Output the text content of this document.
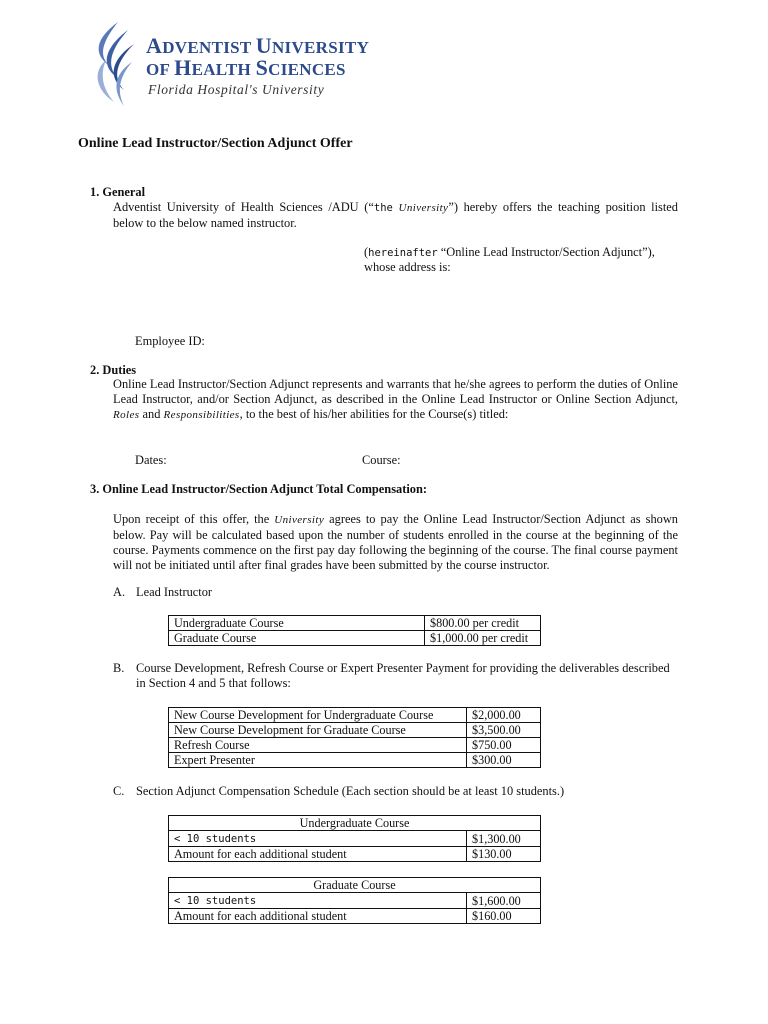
ADVENTIST UNIVERSITY
OF HEALTH SCIENCES
Florida Hospital's University
Online Lead Instructor/Section Adjunct Offer
1. General
Adventist University of Health Sciences /ADU (“the University”) hereby offers the teaching position listed below to the below named instructor.
(hereinafter “Online Lead Instructor/Section Adjunct”),
whose address is:
Employee ID:
2. Duties
Online Lead Instructor/Section Adjunct represents and warrants that he/she agrees to perform the duties of Online Lead Instructor, and/or Section Adjunct, as described in the Online Lead Instructor or Online Section Adjunct, Roles and Responsibilities, to the best of his/her abilities for the Course(s) titled:
Dates:	Course:
3. Online Lead Instructor/Section Adjunct Total Compensation:
Upon receipt of this offer, the University agrees to pay the Online Lead Instructor/Section Adjunct as shown below. Pay will be calculated based upon the number of students enrolled in the course at the beginning of the course. Payments commence on the first pay day following the beginning of the course. The final course payment will not be initiated until after final grades have been submitted by the course instructor.
A. Lead Instructor
Undergraduate Course	$800.00 per credit
Graduate Course	$1,000.00 per credit
B. Course Development, Refresh Course or Expert Presenter Payment for providing the deliverables described
in Section 4 and 5 that follows:
New Course Development for Undergraduate Course	$2,000.00
New Course Development for Graduate Course	$3,500.00
Refresh Course	$750.00
Expert Presenter	$300.00
C. Section Adjunct Compensation Schedule (Each section should be at least 10 students.)
Undergraduate Course	
< 10 students	$1,300.00
Amount for each additional student	$130.00
Graduate Course	
< 10 students	$1,600.00
Amount for each additional student	$160.00
